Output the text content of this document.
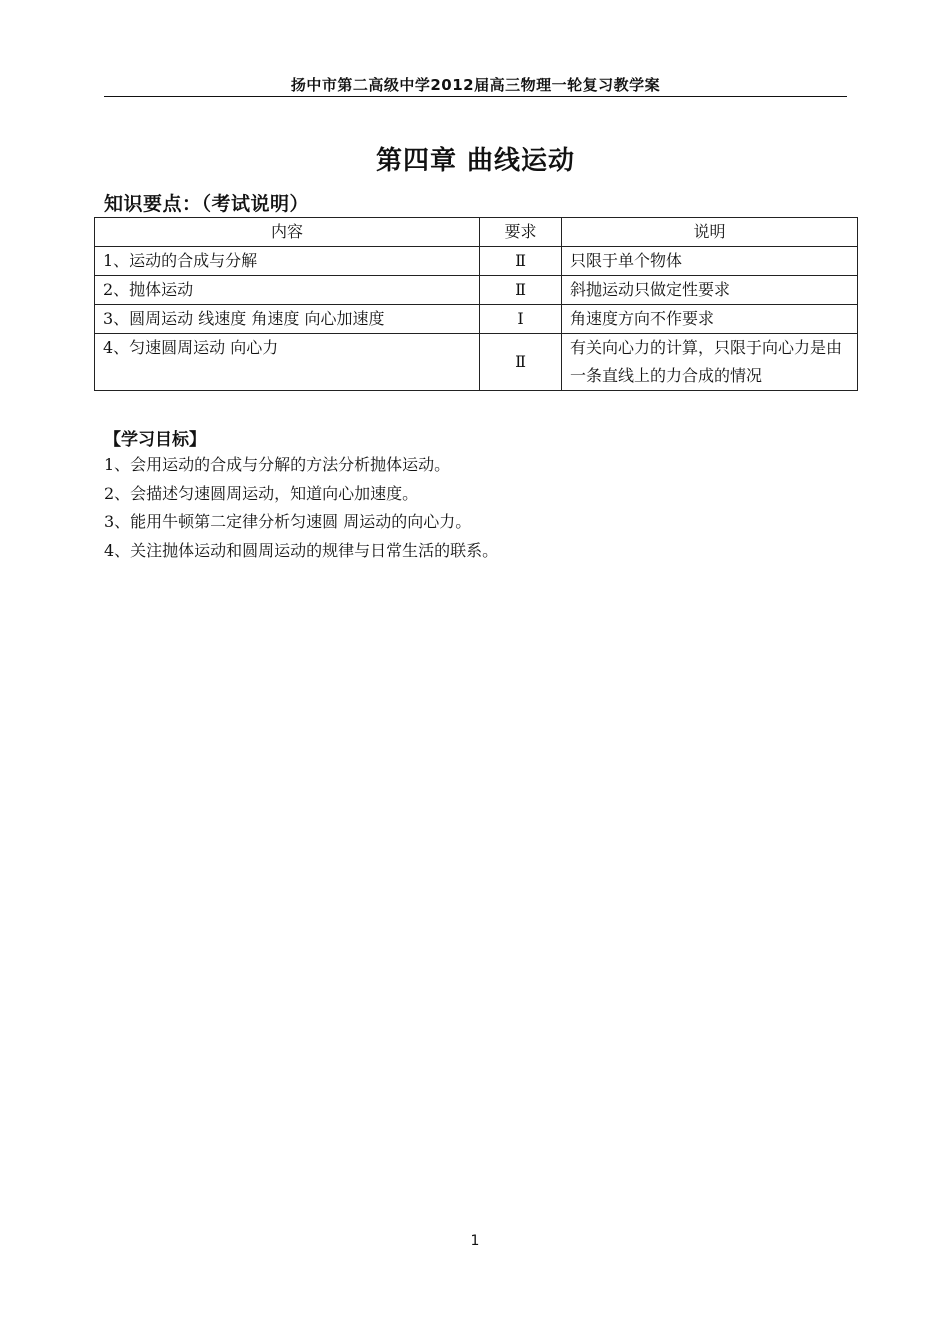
扬中市第二高级中学2012届高三物理一轮复习教学案
第四章 曲线运动
知识要点：（考试说明）
内容	要求	说明
1、运动的合成与分解	Ⅱ	只限于单个物体
2、抛体运动	Ⅱ	斜抛运动只做定性要求
3、圆周运动 线速度 角速度 向心加速度	Ⅰ	角速度方向不作要求
4、匀速圆周运动 向心力	Ⅱ	有关向心力的计算，只限于向心力是由一条直线上的力合成的情况
【学习目标】
1、会用运动的合成与分解的方法分析抛体运动。
2、会描述匀速圆周运动，知道向心加速度。
3、能用牛顿第二定律分析匀速圆 周运动的向心力。
4、关注抛体运动和圆周运动的规律与日常生活的联系。
1
